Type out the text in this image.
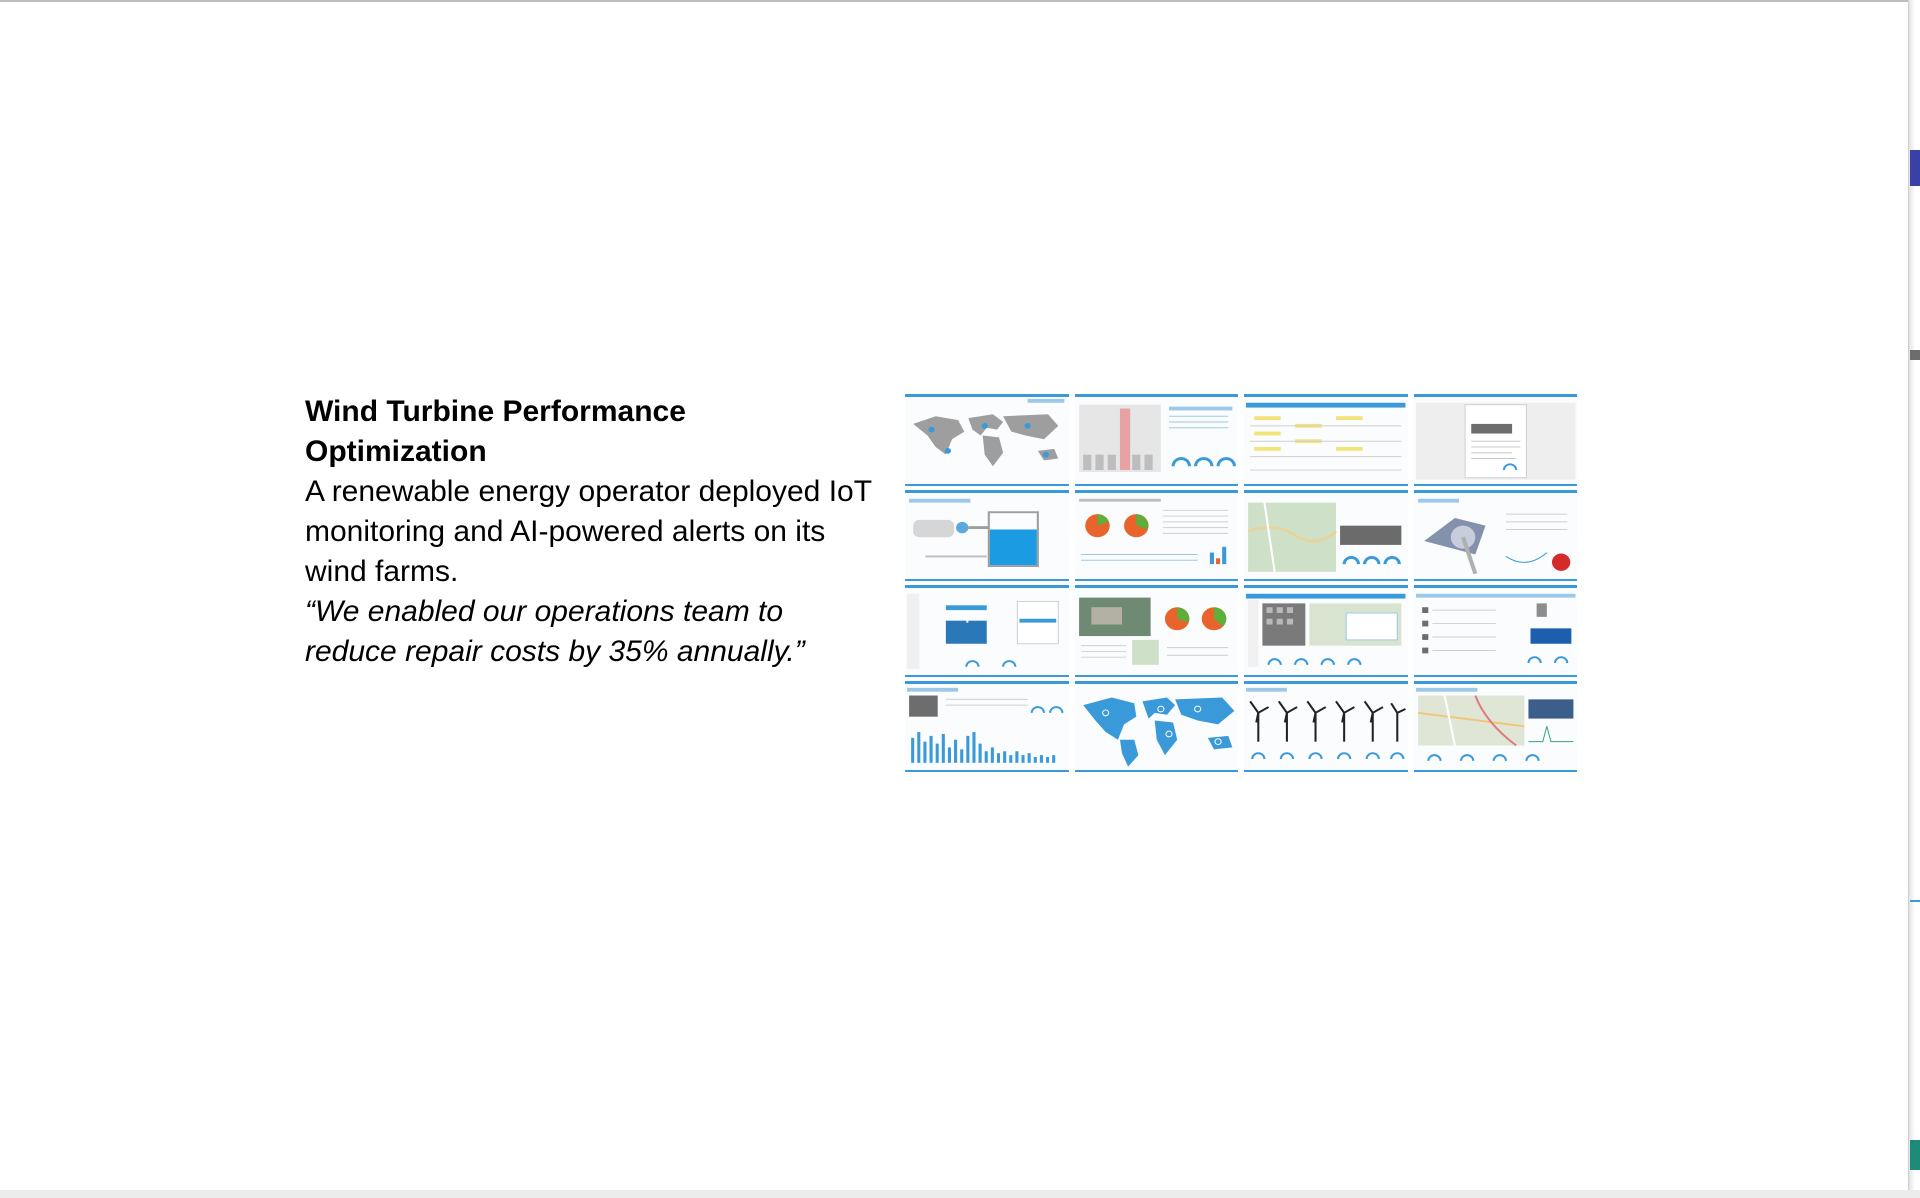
Wind Turbine Performance Optimization

A renewable energy operator deployed IoT monitoring and AI-powered alerts on its wind farms.

“We enabled our operations team to reduce repair costs by 35% annually.”
